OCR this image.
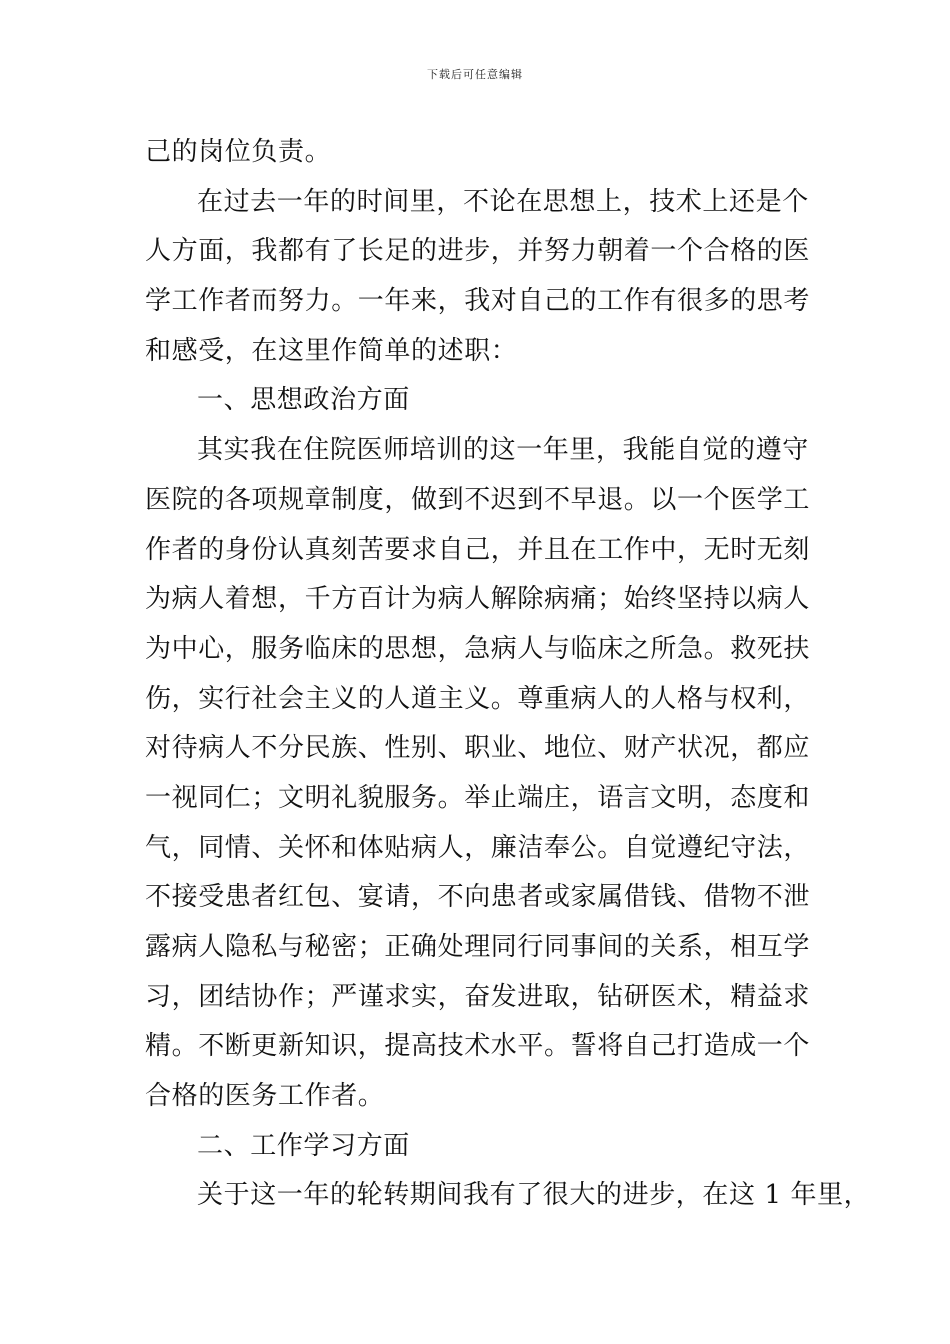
下载后可任意编辑
己的岗位负责。
在过去一年的时间里，不论在思想上，技术上还是个
人方面，我都有了长足的进步，并努力朝着一个合格的医
学工作者而努力。一年来，我对自己的工作有很多的思考
和感受，在这里作简单的述职：
一、思想政治方面
其实我在住院医师培训的这一年里，我能自觉的遵守
医院的各项规章制度，做到不迟到不早退。以一个医学工
作者的身份认真刻苦要求自己，并且在工作中，无时无刻
为病人着想，千方百计为病人解除病痛；始终坚持以病人
为中心，服务临床的思想，急病人与临床之所急。救死扶
伤，实行社会主义的人道主义。尊重病人的人格与权利，
对待病人不分民族、性别、职业、地位、财产状况，都应
一视同仁；文明礼貌服务。举止端庄，语言文明，态度和
气，同情、关怀和体贴病人，廉洁奉公。自觉遵纪守法，
不接受患者红包、宴请，不向患者或家属借钱、借物不泄
露病人隐私与秘密；正确处理同行同事间的关系，相互学
习，团结协作；严谨求实，奋发进取，钻研医术，精益求
精。不断更新知识，提高技术水平。誓将自己打造成一个
合格的医务工作者。
二、工作学习方面
关于这一年的轮转期间我有了很大的进步，在这 1 年里，
